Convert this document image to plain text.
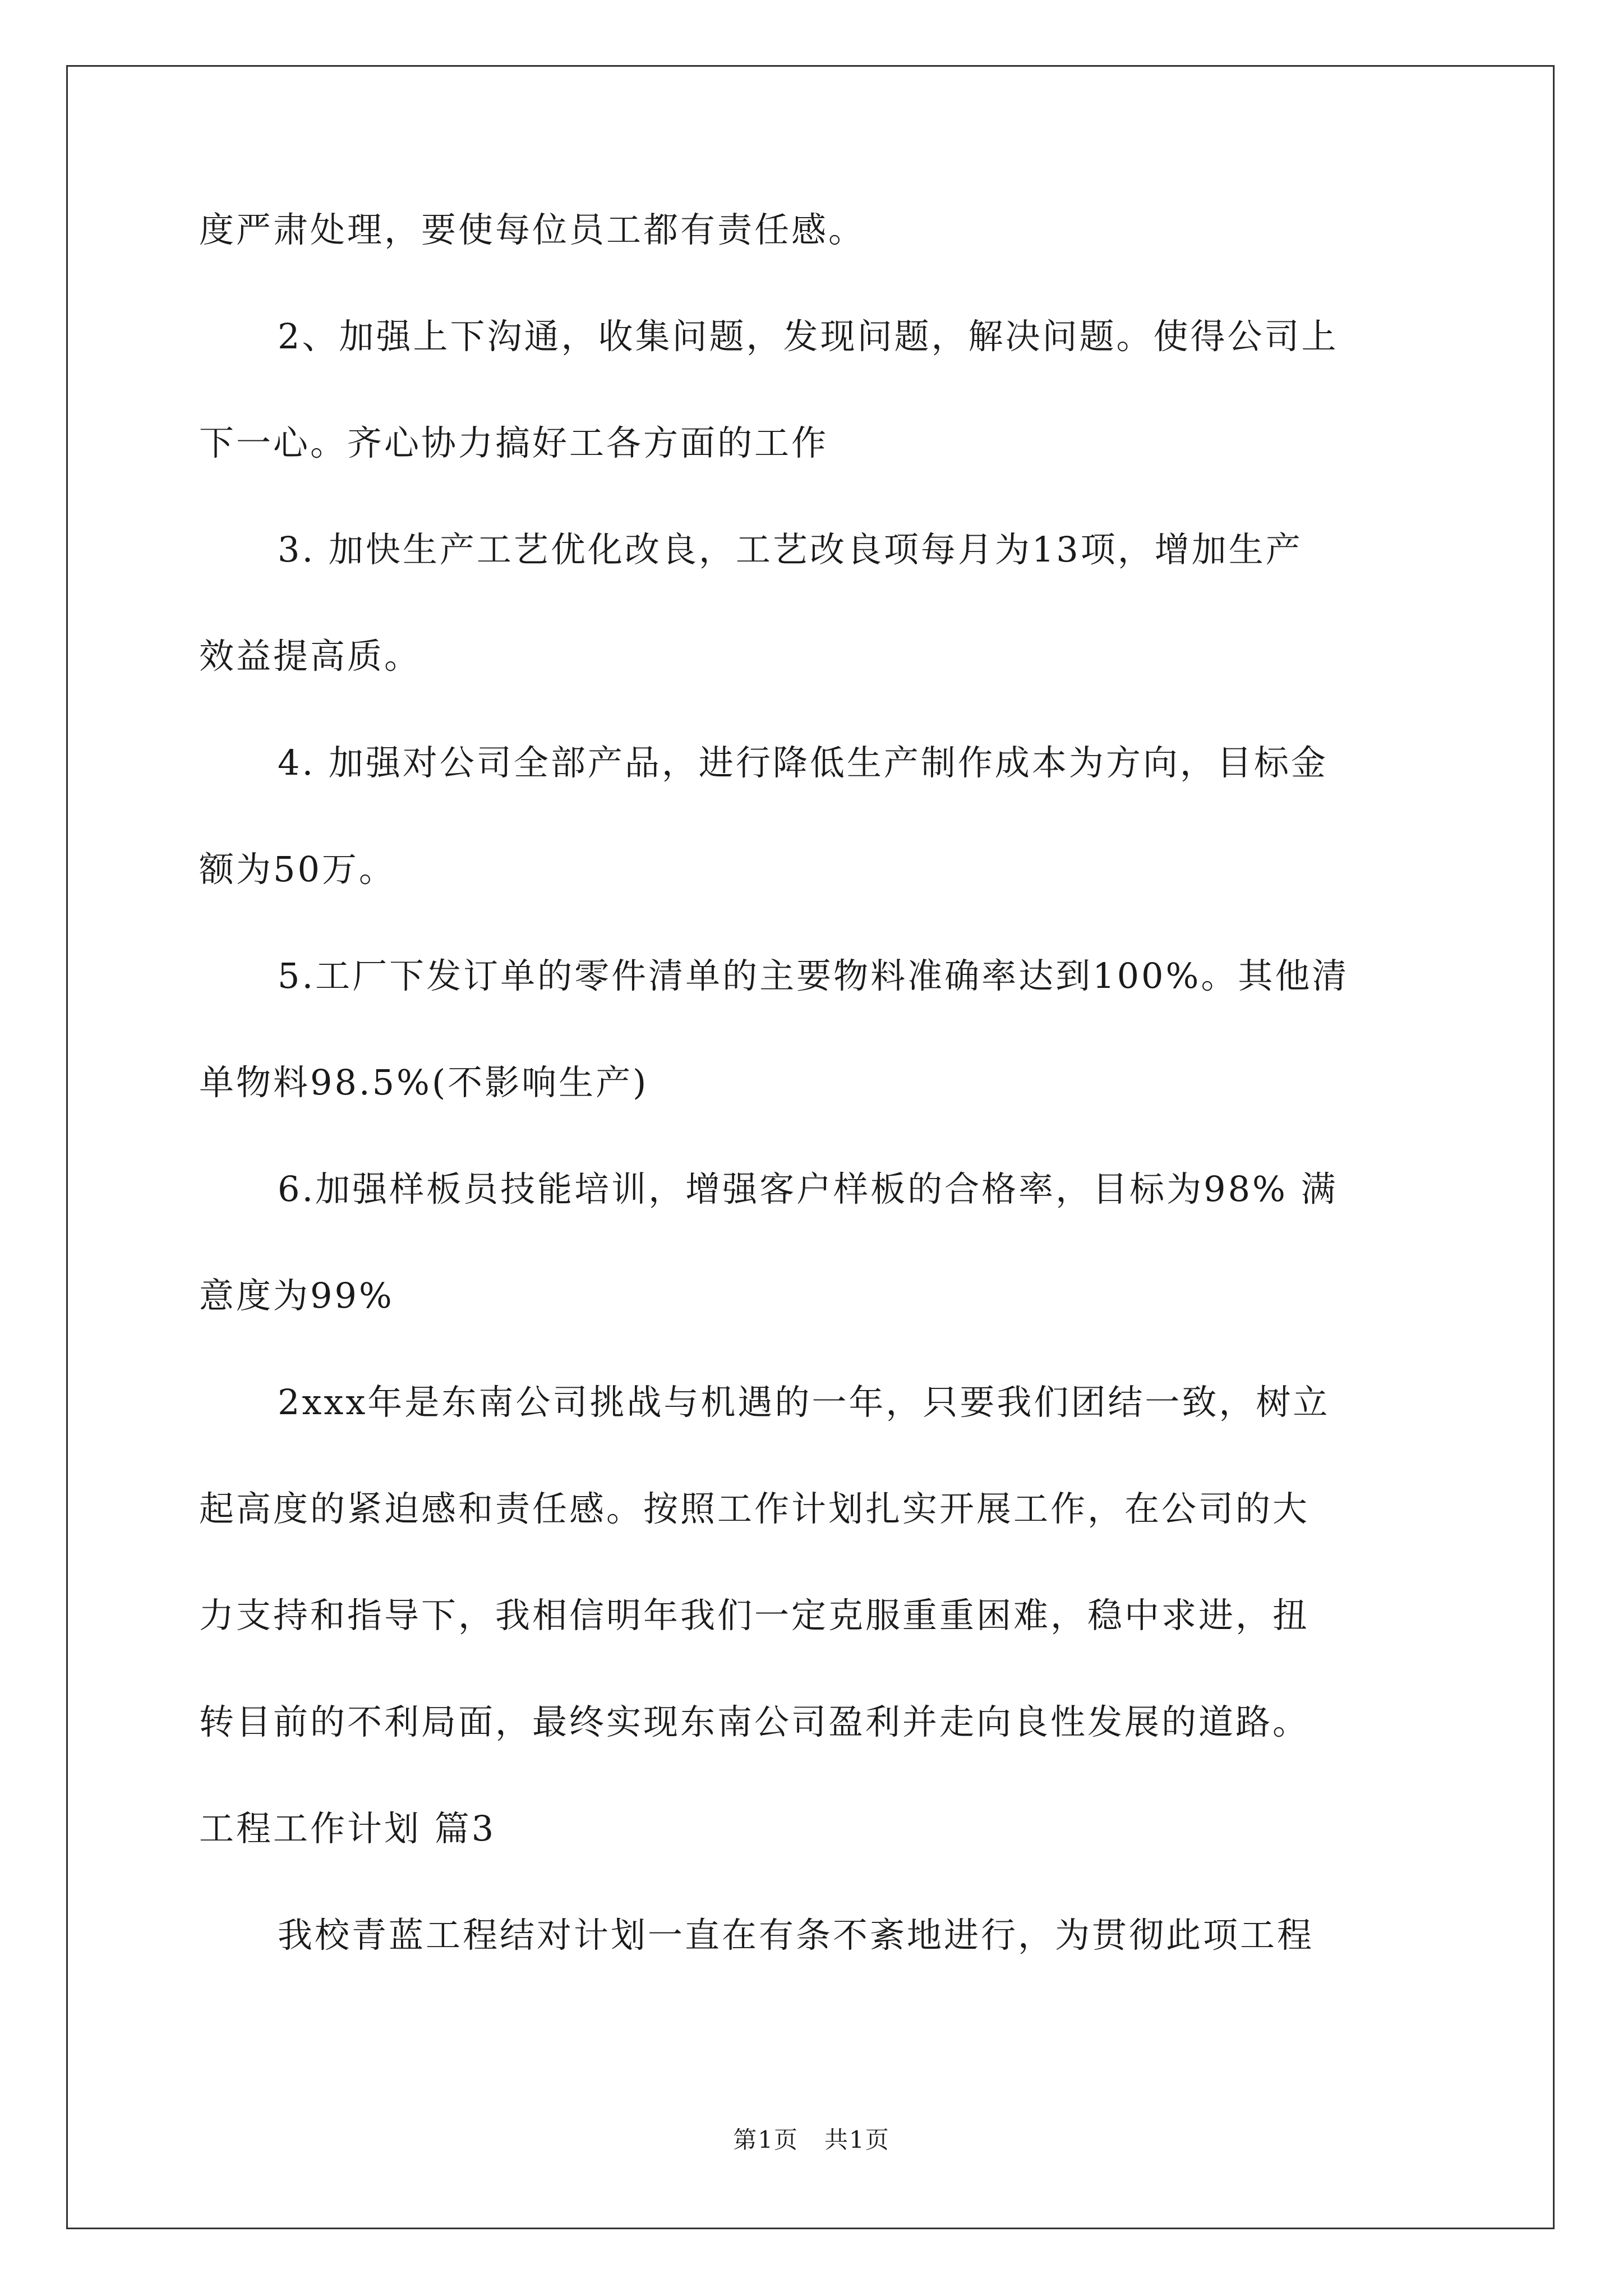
度严肃处理，要使每位员工都有责任感。
2、加强上下沟通，收集问题，发现问题，解决问题。使得公司上
下一心。齐心协力搞好工各方面的工作
3. 加快生产工艺优化改良，工艺改良项每月为13项，增加生产
效益提高质。
4. 加强对公司全部产品，进行降低生产制作成本为方向，目标金
额为50万。
5.工厂下发订单的零件清单的主要物料准确率达到100%。其他清
单物料98.5%(不影响生产)
6.加强样板员技能培训，增强客户样板的合格率，目标为98% 满
意度为99%
2xxx年是东南公司挑战与机遇的一年，只要我们团结一致，树立
起高度的紧迫感和责任感。按照工作计划扎实开展工作，在公司的大
力支持和指导下，我相信明年我们一定克服重重困难，稳中求进，扭
转目前的不利局面，最终实现东南公司盈利并走向良性发展的道路。
工程工作计划 篇3
我校青蓝工程结对计划一直在有条不紊地进行，为贯彻此项工程
第1页   共1页
